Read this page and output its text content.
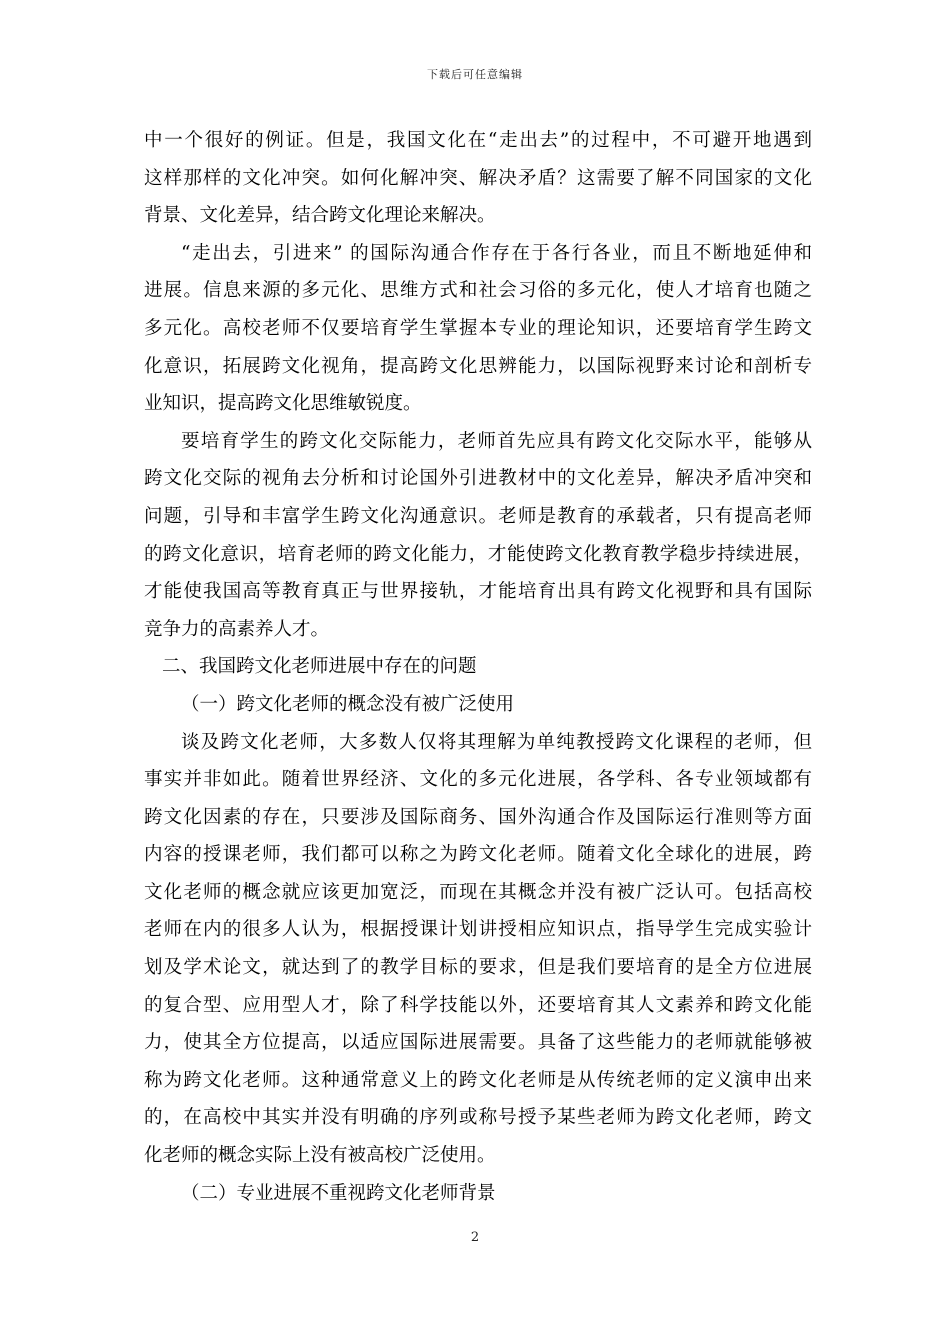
下载后可任意编辑
中一个很好的例证。但是，我国文化在“走出去”的过程中，不可避开地遇到
这样那样的文化冲突。如何化解冲突、解决矛盾？这需要了解不同国家的文化
背景、文化差异，结合跨文化理论来解决。
“走出去，引进来” 的国际沟通合作存在于各行各业，而且不断地延伸和
进展。信息来源的多元化、思维方式和社会习俗的多元化，使人才培育也随之
多元化。高校老师不仅要培育学生掌握本专业的理论知识，还要培育学生跨文
化意识，拓展跨文化视角，提高跨文化思辨能力，以国际视野来讨论和剖析专
业知识，提高跨文化思维敏锐度。
要培育学生的跨文化交际能力，老师首先应具有跨文化交际水平，能够从
跨文化交际的视角去分析和讨论国外引进教材中的文化差异，解决矛盾冲突和
问题，引导和丰富学生跨文化沟通意识。老师是教育的承载者，只有提高老师
的跨文化意识，培育老师的跨文化能力，才能使跨文化教育教学稳步持续进展，
才能使我国高等教育真正与世界接轨，才能培育出具有跨文化视野和具有国际
竞争力的高素养人才。
二、我国跨文化老师进展中存在的问题
（一）跨文化老师的概念没有被广泛使用
谈及跨文化老师，大多数人仅将其理解为单纯教授跨文化课程的老师，但
事实并非如此。随着世界经济、文化的多元化进展，各学科、各专业领域都有
跨文化因素的存在，只要涉及国际商务、国外沟通合作及国际运行准则等方面
内容的授课老师，我们都可以称之为跨文化老师。随着文化全球化的进展，跨
文化老师的概念就应该更加宽泛，而现在其概念并没有被广泛认可。包括高校
老师在内的很多人认为，根据授课计划讲授相应知识点，指导学生完成实验计
划及学术论文，就达到了的教学目标的要求，但是我们要培育的是全方位进展
的复合型、应用型人才，除了科学技能以外，还要培育其人文素养和跨文化能
力，使其全方位提高，以适应国际进展需要。具备了这些能力的老师就能够被
称为跨文化老师。这种通常意义上的跨文化老师是从传统老师的定义演申出来
的，在高校中其实并没有明确的序列或称号授予某些老师为跨文化老师，跨文
化老师的概念实际上没有被高校广泛使用。
（二）专业进展不重视跨文化老师背景
2
